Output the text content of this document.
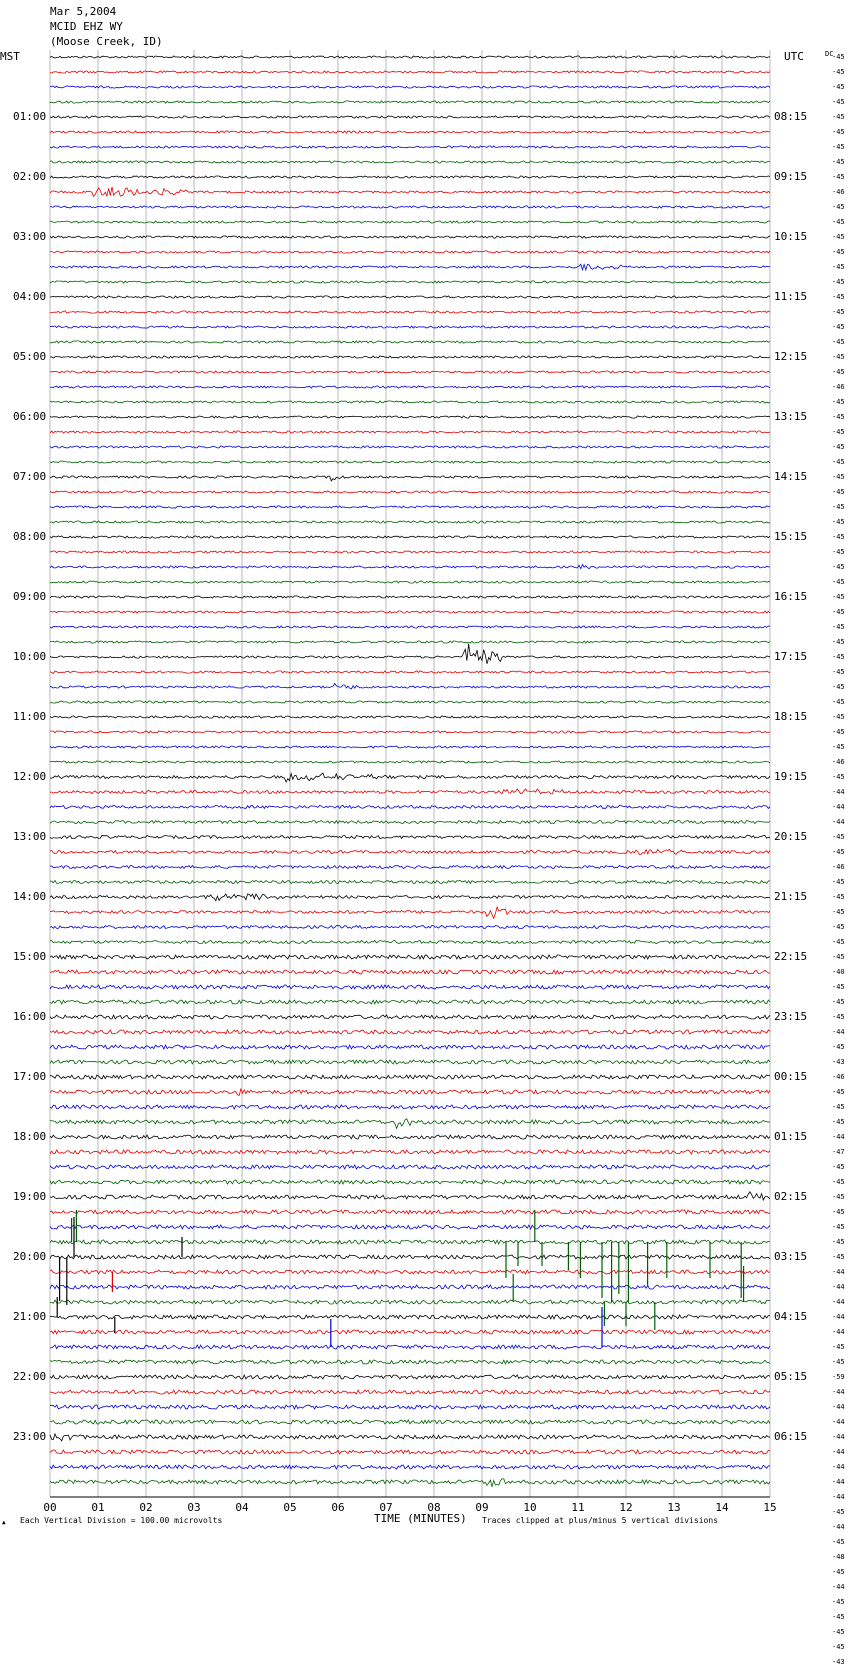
Mar 5,2004
MCID EHZ WY
(Moose Creek, ID)
MST	UTC	DC
00	01	02	03	04	05	06	07	08	09	10	11	12	13	14	15
01:00	08:15
02:00	09:15
03:00	10:15
04:00	11:15
05:00	12:15
06:00	13:15
07:00	14:15
08:00	15:15
09:00	16:15
10:00	17:15
11:00	18:15
12:00	19:15
13:00	20:15
14:00	21:15
15:00	22:15
16:00	23:15
17:00	00:15
18:00	01:15
19:00	02:15
20:00	03:15
21:00	04:15
22:00	05:15
23:00	06:15
-45
-45
-45
-45
-45
-45
-45
-45
-45
-46
-45
-45
-45
-45
-45
-45
-45
-45
-45
-45
-45
-45
-46
-45
-45
-45
-45
-45
-45
-45
-45
-45
-45
-45
-45
-45
-45
-45
-45
-45
-45
-45
-45
-45
-45
-45
-45
-46
-45
-44
-44
-44
-45
-45
-46
-45
-45
-45
-45
-45
-45
-40
-45
-45
-45
-44
-45
-43
-46
-45
-45
-45
-44
-47
-45
-45
-45
-45
-45
-45
-45
-44
-44
-44
-44
-44
-45
-45
-59
-44
-44
-44
-44
-44
-44
-44
-44
-45
-44
-45
-48
-45
-44
-45
-45
-45
-45
-43
▲ Each Vertical Division = 100.00 microvolts	TIME (MINUTES) Traces clipped at plus/minus 5 vertical divisions
